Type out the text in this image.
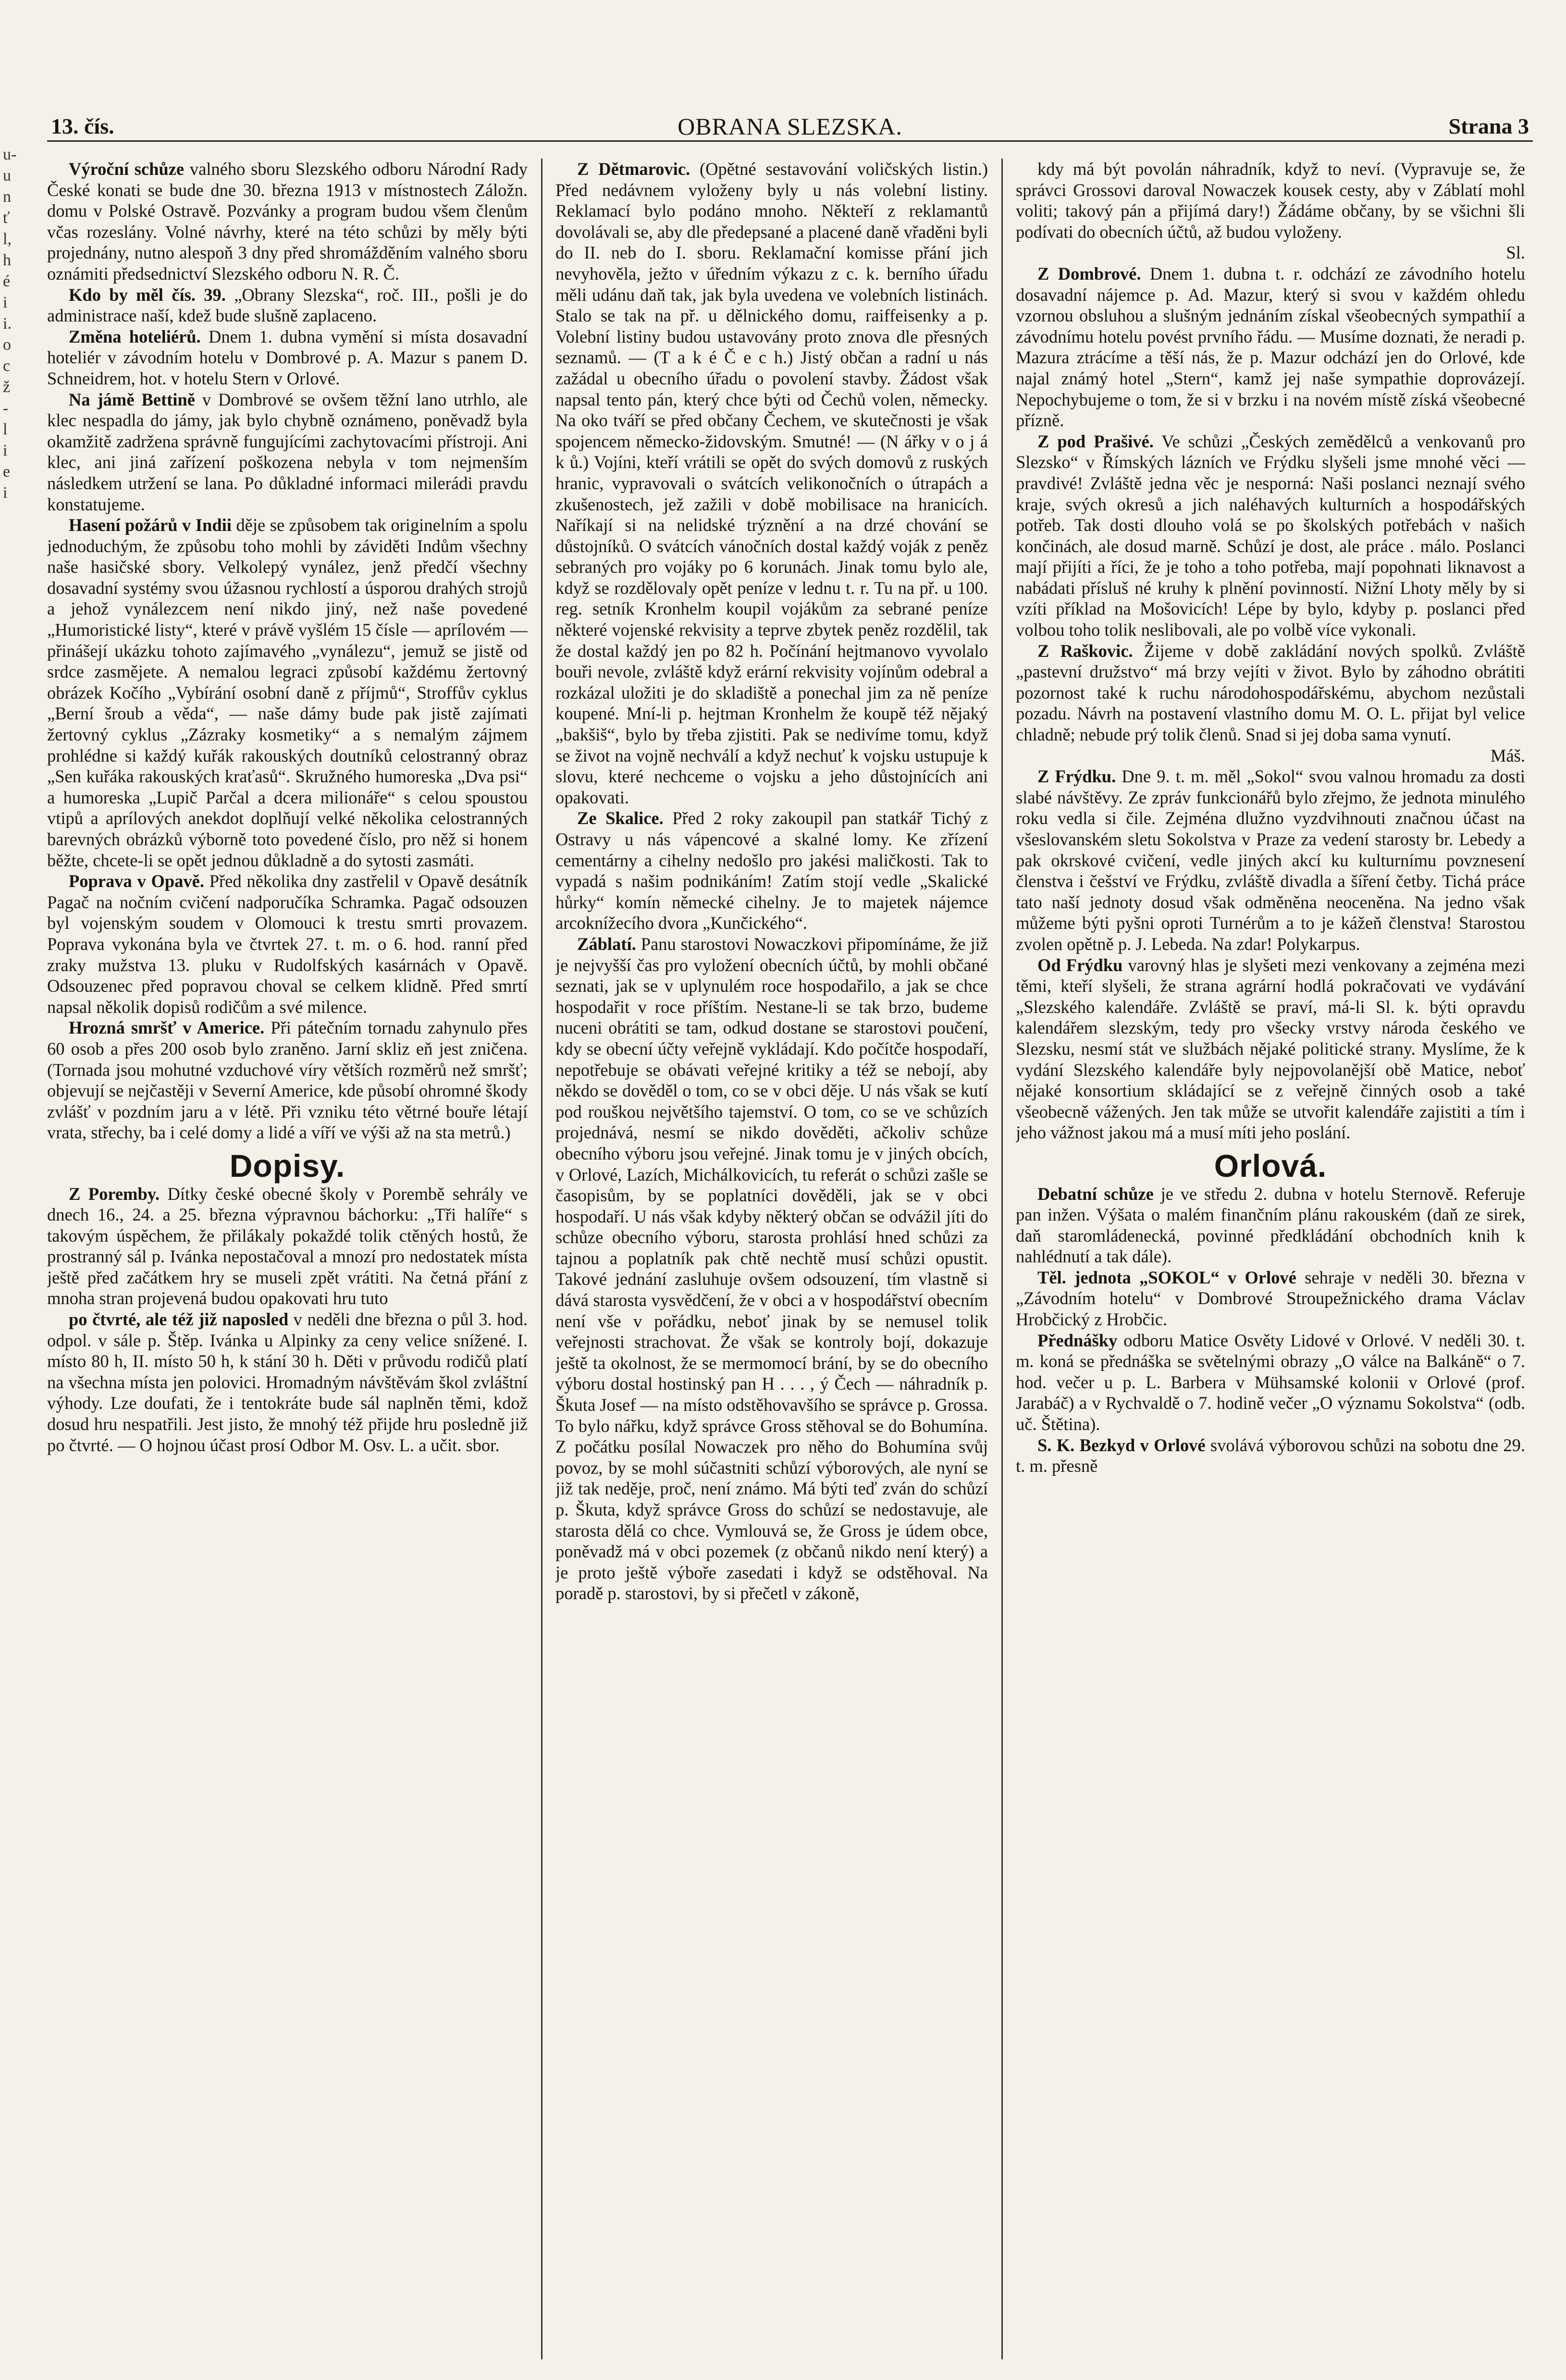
u-
u
n
ť
l,
h
é
i
i.
o
c
ž
-
l
i
e
i
13. čís.	OBRANA SLEZSKA.	Strana 3

Výroční schůze valného sboru Slezského odboru Národní Rady České konati se bude dne 30. března 1913 v místnostech Záložn. domu v Polské Ostravě. Pozvánky a program budou všem členům včas rozeslány. Volné návrhy, které na této schůzi by měly býti projednány, nutno alespoň 3 dny před shromážděním valného sboru oznámiti předsednictví Slezského odboru N. R. Č.

Kdo by měl čís. 39. „Obrany Slezska“, roč. III., pošli je do administrace naší, kdež bude slušně zaplaceno.

Změna hoteliérů. Dnem 1. dubna vymění si místa dosavadní hoteliér v závodním hotelu v Dombrové p. A. Mazur s panem D. Schneidrem, hot. v hotelu Stern v Orlové.

Na jámě Bettině v Dombrové se ovšem těžní lano utrhlo, ale klec nespadla do jámy, jak bylo chybně oznámeno, poněvadž byla okamžitě zadržena správně fungujícími zachytovacími přístroji. Ani klec, ani jiná zařízení poškozena nebyla v tom nejmenším následkem utržení se lana. Po důkladné informaci milerádi pravdu konstatujeme.

Hasení požárů v Indii děje se způsobem tak originelním a spolu jednoduchým, že způsobu toho mohli by záviděti Indům všechny naše hasičské sbory. Velkolepý vynález, jenž předčí všechny dosavadní systémy svou úžasnou rychlostí a úsporou drahých strojů a jehož vynálezcem není nikdo jiný, než naše povedené „Humoristické listy“, které v právě vyšlém 15 čísle — aprílovém — přinášejí ukázku tohoto zajímavého „vynálezu“, jemuž se jistě od srdce zasmějete. A nemalou legraci způsobí každému žertovný obrázek Kočího „Vybírání osobní daně z příjmů“, Stroffův cyklus „Berní šroub a věda“, — naše dámy bude pak jistě zajímati žertovný cyklus „Zázraky kosmetiky“ a s nemalým zájmem prohlédne si každý kuřák rakouských doutníků celostranný obraz „Sen kuřáka rakouských kraťasů“. Skružného humoreska „Dva psi“ a humoreska „Lupič Parčal a dcera milionáře“ s celou spoustou vtipů a aprílových anekdot doplňují velké několika celostranných barevných obrázků výborně toto povedené číslo, pro něž si honem běžte, chcete-li se opět jednou důkladně a do sytosti zasmáti.

Poprava v Opavě. Před několika dny zastřelil v Opavě desátník Pagač na nočním cvičení nadporučíka Schramka. Pagač odsouzen byl vojenským soudem v Olomouci k trestu smrti provazem. Poprava vykonána byla ve čtvrtek 27. t. m. o 6. hod. ranní před zraky mužstva 13. pluku v Rudolfských kasárnách v Opavě. Odsouzenec před popravou choval se celkem klidně. Před smrtí napsal několik dopisů rodičům a své milence.

Hrozná smršť v Americe. Při pátečním tornadu zahynulo přes 60 osob a přes 200 osob bylo zraněno. Jarní skliz eň jest zničena. (Tornada jsou mohutné vzduchové víry větších rozměrů než smršť; objevují se nejčastěji v Severní Americe, kde působí ohromné škody zvlášť v pozdním jaru a v létě. Při vzniku této větrné bouře létají vrata, střechy, ba i celé domy a lidé a víří ve výši až na sta metrů.)

Dopisy.

Z Poremby. Dítky české obecné školy v Porembě sehrály ve dnech 16., 24. a 25. března výpravnou báchorku: „Tři halíře“ s takovým úspěchem, že přilákaly pokaždé tolik ctěných hostů, že prostranný sál p. Ivánka nepostačoval a mnozí pro nedostatek místa ještě před začátkem hry se museli zpět vrátiti. Na četná přání z mnoha stran projevená budou opakovati hru tuto

po čtvrté, ale též již naposled v neděli dne března o půl 3. hod. odpol. v sále p. Štěp. Ivánka u Alpinky za ceny velice snížené. I. místo 80 h, II. místo 50 h, k stání 30 h. Děti v průvodu rodičů platí na všechna místa jen polovici. Hromadným návštěvám škol zvláštní výhody. Lze doufati, že i tentokráte bude sál naplněn těmi, kdož dosud hru nespatřili. Jest jisto, že mnohý též přijde hru posledně již po čtvrté. — O hojnou účast prosí Odbor M. Osv. L. a učit. sbor.

Z Dětmarovic. (Opětné sestavování voličských listin.) Před nedávnem vyloženy byly u nás volební listiny. Reklamací bylo podáno mnoho. Někteří z reklamantů dovolávali se, aby dle předepsané a placené daně vřaděni byli do II. neb do I. sboru. Reklamační komisse přání jich nevyhověla, ježto v úředním výkazu z c. k. berního úřadu měli udánu daň tak, jak byla uvedena ve volebních listinách. Stalo se tak na př. u dělnického domu, raiffeisenky a p. Volební listiny budou ustavovány proto znova dle přesných seznamů. — (T a k é Č e c h.) Jistý občan a radní u nás zažádal u obecního úřadu o povolení stavby. Žádost však napsal tento pán, který chce býti od Čechů volen, německy. Na oko tváří se před občany Čechem, ve skutečnosti je však spojencem německo-židovským. Smutné! — (N ářky v o j á k ů.) Vojíni, kteří vrátili se opět do svých domovů z ruských hranic, vypravovali o svátcích velikonočních o útrapách a zkušenostech, jež zažili v době mobilisace na hranicích. Naříkají si na nelidské trýznění a na drzé chování se důstojníků. O svátcích vánočních dostal každý voják z peněz sebraných pro vojáky po 6 korunách. Jinak tomu bylo ale, když se rozdělovaly opět peníze v lednu t. r. Tu na př. u 100. reg. setník Kronhelm koupil vojákům za sebrané peníze některé vojenské rekvisity a teprve zbytek peněz rozdělil, tak že dostal každý jen po 82 h. Počínání hejtmanovo vyvolalo bouři nevole, zvláště když erární rekvisity vojínům odebral a rozkázal uložiti je do skladiště a ponechal jim za ně peníze koupené. Mní-li p. hejtman Kronhelm že koupě též nějaký „bakšiš“, bylo by třeba zjistiti. Pak se nedivíme tomu, když se život na vojně nechválí a když nechuť k vojsku ustupuje k slovu, které nechceme o vojsku a jeho důstojnících ani opakovati.

Ze Skalice. Před 2 roky zakoupil pan statkář Tichý z Ostravy u nás vápencové a skalné lomy. Ke zřízení cementárny a cihelny nedošlo pro jakési maličkosti. Tak to vypadá s našim podnikáním! Zatím stojí vedle „Skalické hůrky“ komín německé cihelny. Je to majetek nájemce arcoknížecího dvora „Kunčického“.

Záblatí. Panu starostovi Nowaczkovi připomínáme, že již je nejvyšší čas pro vyložení obecních účtů, by mohli občané seznati, jak se v uplynulém roce hospodařilo, a jak se chce hospodařit v roce příštím. Nestane-li se tak brzo, budeme nuceni obrátiti se tam, odkud dostane se starostovi poučení, kdy se obecní účty veřejně vykládají. Kdo počítče hospodaří, nepotřebuje se obávati veřejné kritiky a též se nebojí, aby někdo se dověděl o tom, co se v obci děje. U nás však se kutí pod rouškou největšího tajemství. O tom, co se ve schůzích projednává, nesmí se nikdo dověděti, ačkoliv schůze obecního výboru jsou veřejné. Jinak tomu je v jiných obcích, v Orlové, Lazích, Michálkovicích, tu referát o schůzi zašle se časopisům, by se poplatníci dověděli, jak se v obci hospodaří. U nás však kdyby některý občan se odvážil jíti do schůze obecního výboru, starosta prohlásí hned schůzi za tajnou a poplatník pak chtě nechtě musí schůzi opustit. Takové jednání zasluhuje ovšem odsouzení, tím vlastně si dává starosta vysvědčení, že v obci a v hospodářství obecním není vše v pořádku, neboť jinak by se nemusel tolik veřejnosti strachovat. Že však se kontroly bojí, dokazuje ještě ta okolnost, že se mermomocí brání, by se do obecního výboru dostal hostinský pan H . . . , ý Čech — náhradník p. Škuta Josef — na místo odstěhovavšího se správce p. Grossa. To bylo nářku, když správce Gross stěhoval se do Bohumína. Z počátku posílal Nowaczek pro něho do Bohumína svůj povoz, by se mohl súčastniti schůzí výborových, ale nyní se již tak neděje, proč, není známo. Má býti teď zván do schůzí p. Škuta, když správce Gross do schůzí se nedostavuje, ale starosta dělá co chce. Vymlouvá se, že Gross je údem obce, poněvadž má v obci pozemek (z občanů nikdo není který) a je proto ještě výboře zasedati i když se odstěhoval. Na poradě p. starostovi, by si přečetl v zákoně,

kdy má být povolán náhradník, když to neví. (Vypravuje se, že správci Grossovi daroval Nowaczek kousek cesty, aby v Záblatí mohl voliti; takový pán a přijímá dary!) Žádáme občany, by se všichni šli podívati do obecních účtů, až budou vyloženy.

Sl.

Z Dombrové. Dnem 1. dubna t. r. odchází ze závodního hotelu dosavadní nájemce p. Ad. Mazur, který si svou v každém ohledu vzornou obsluhou a slušným jednáním získal všeobecných sympathií a závodnímu hotelu povést prvního řádu. — Musíme doznati, že neradi p. Mazura ztrácíme a těší nás, že p. Mazur odchází jen do Orlové, kde najal známý hotel „Stern“, kamž jej naše sympathie doprovázejí. Nepochybujeme o tom, že si v brzku i na novém místě získá všeobecné přízně.

Z pod Prašivé. Ve schůzi „Českých zemědělců a venkovanů pro Slezsko“ v Římských lázních ve Frýdku slyšeli jsme mnohé věci — pravdivé! Zvláště jedna věc je nesporná: Naši poslanci neznají svého kraje, svých okresů a jich naléhavých kulturních a hospodářských potřeb. Tak dosti dlouho volá se po školských potřebách v našich končinách, ale dosud marně. Schůzí je dost, ale práce . málo. Poslanci mají přijíti a říci, že je toho a toho potřeba, mají popohnati liknavost a nabádati přísluš né kruhy k plnění povinností. Nižní Lhoty měly by si vzíti příklad na Mošovicích! Lépe by bylo, kdyby p. poslanci před volbou toho tolik neslibovali, ale po volbě více vykonali.

Z Raškovic. Žijeme v době zakládání nových spolků. Zvláště „pastevní družstvo“ má brzy vejíti v život. Bylo by záhodno obrátiti pozornost také k ruchu národohospodářskému, abychom nezůstali pozadu. Návrh na postavení vlastního domu M. O. L. přijat byl velice chladně; nebude prý tolik členů. Snad si jej doba sama vynutí.

Máš.

Z Frýdku. Dne 9. t. m. měl „Sokol“ svou valnou hromadu za dosti slabé návštěvy. Ze zpráv funkcionářů bylo zřejmo, že jednota minulého roku vedla si čile. Zejména dlužno vyzdvihnouti značnou účast na všeslovanském sletu Sokolstva v Praze za vedení starosty br. Lebedy a pak okrskové cvičení, vedle jiných akcí ku kulturnímu povznesení členstva i češství ve Frýdku, zvláště divadla a šíření četby. Tichá práce tato naší jednoty dosud však odměněna neoceněna. Na jedno však můžeme býti pyšni oproti Turnérům a to je kážeň členstva! Starostou zvolen opětně p. J. Lebeda. Na zdar! Polykarpus.

Od Frýdku varovný hlas je slyšeti mezi venkovany a zejména mezi těmi, kteří slyšeli, že strana agrární hodlá pokračovati ve vydávání „Slezského kalendáře. Zvláště se praví, má-li Sl. k. býti opravdu kalendářem slezským, tedy pro všecky vrstvy národa českého ve Slezsku, nesmí stát ve službách nějaké politické strany. Myslíme, že k vydání Slezského kalendáře byly nejpovolanější obě Matice, neboť nějaké konsortium skládající se z veřejně činných osob a také všeobecně vážených. Jen tak může se utvořit kalendáře zajistiti a tím i jeho vážnost jakou má a musí míti jeho poslání.

Orlová.

Debatní schůze je ve středu 2. dubna v hotelu Sternově. Referuje pan inžen. Výšata o malém finančním plánu rakouském (daň ze sirek, daň staromládenecká, povinné předkládání obchodních knih k nahlédnutí a tak dále).

Těl. jednota „SOKOL“ v Orlové sehraje v neděli 30. března v „Závodním hotelu“ v Dombrové Stroupežnického drama Václav Hrobčický z Hrobčic.

Přednášky odboru Matice Osvěty Lidové v Orlové. V neděli 30. t. m. koná se přednáška se světelnými obrazy „O válce na Balkáně“ o 7. hod. večer u p. L. Barbera v Mühsamské kolonii v Orlové (prof. Jarabáč) a v Rychvaldě o 7. hodině večer „O významu Sokolstva“ (odb. uč. Štětina).

S. K. Bezkyd v Orlové svolává výborovou schůzi na sobotu dne 29. t. m. přesně
